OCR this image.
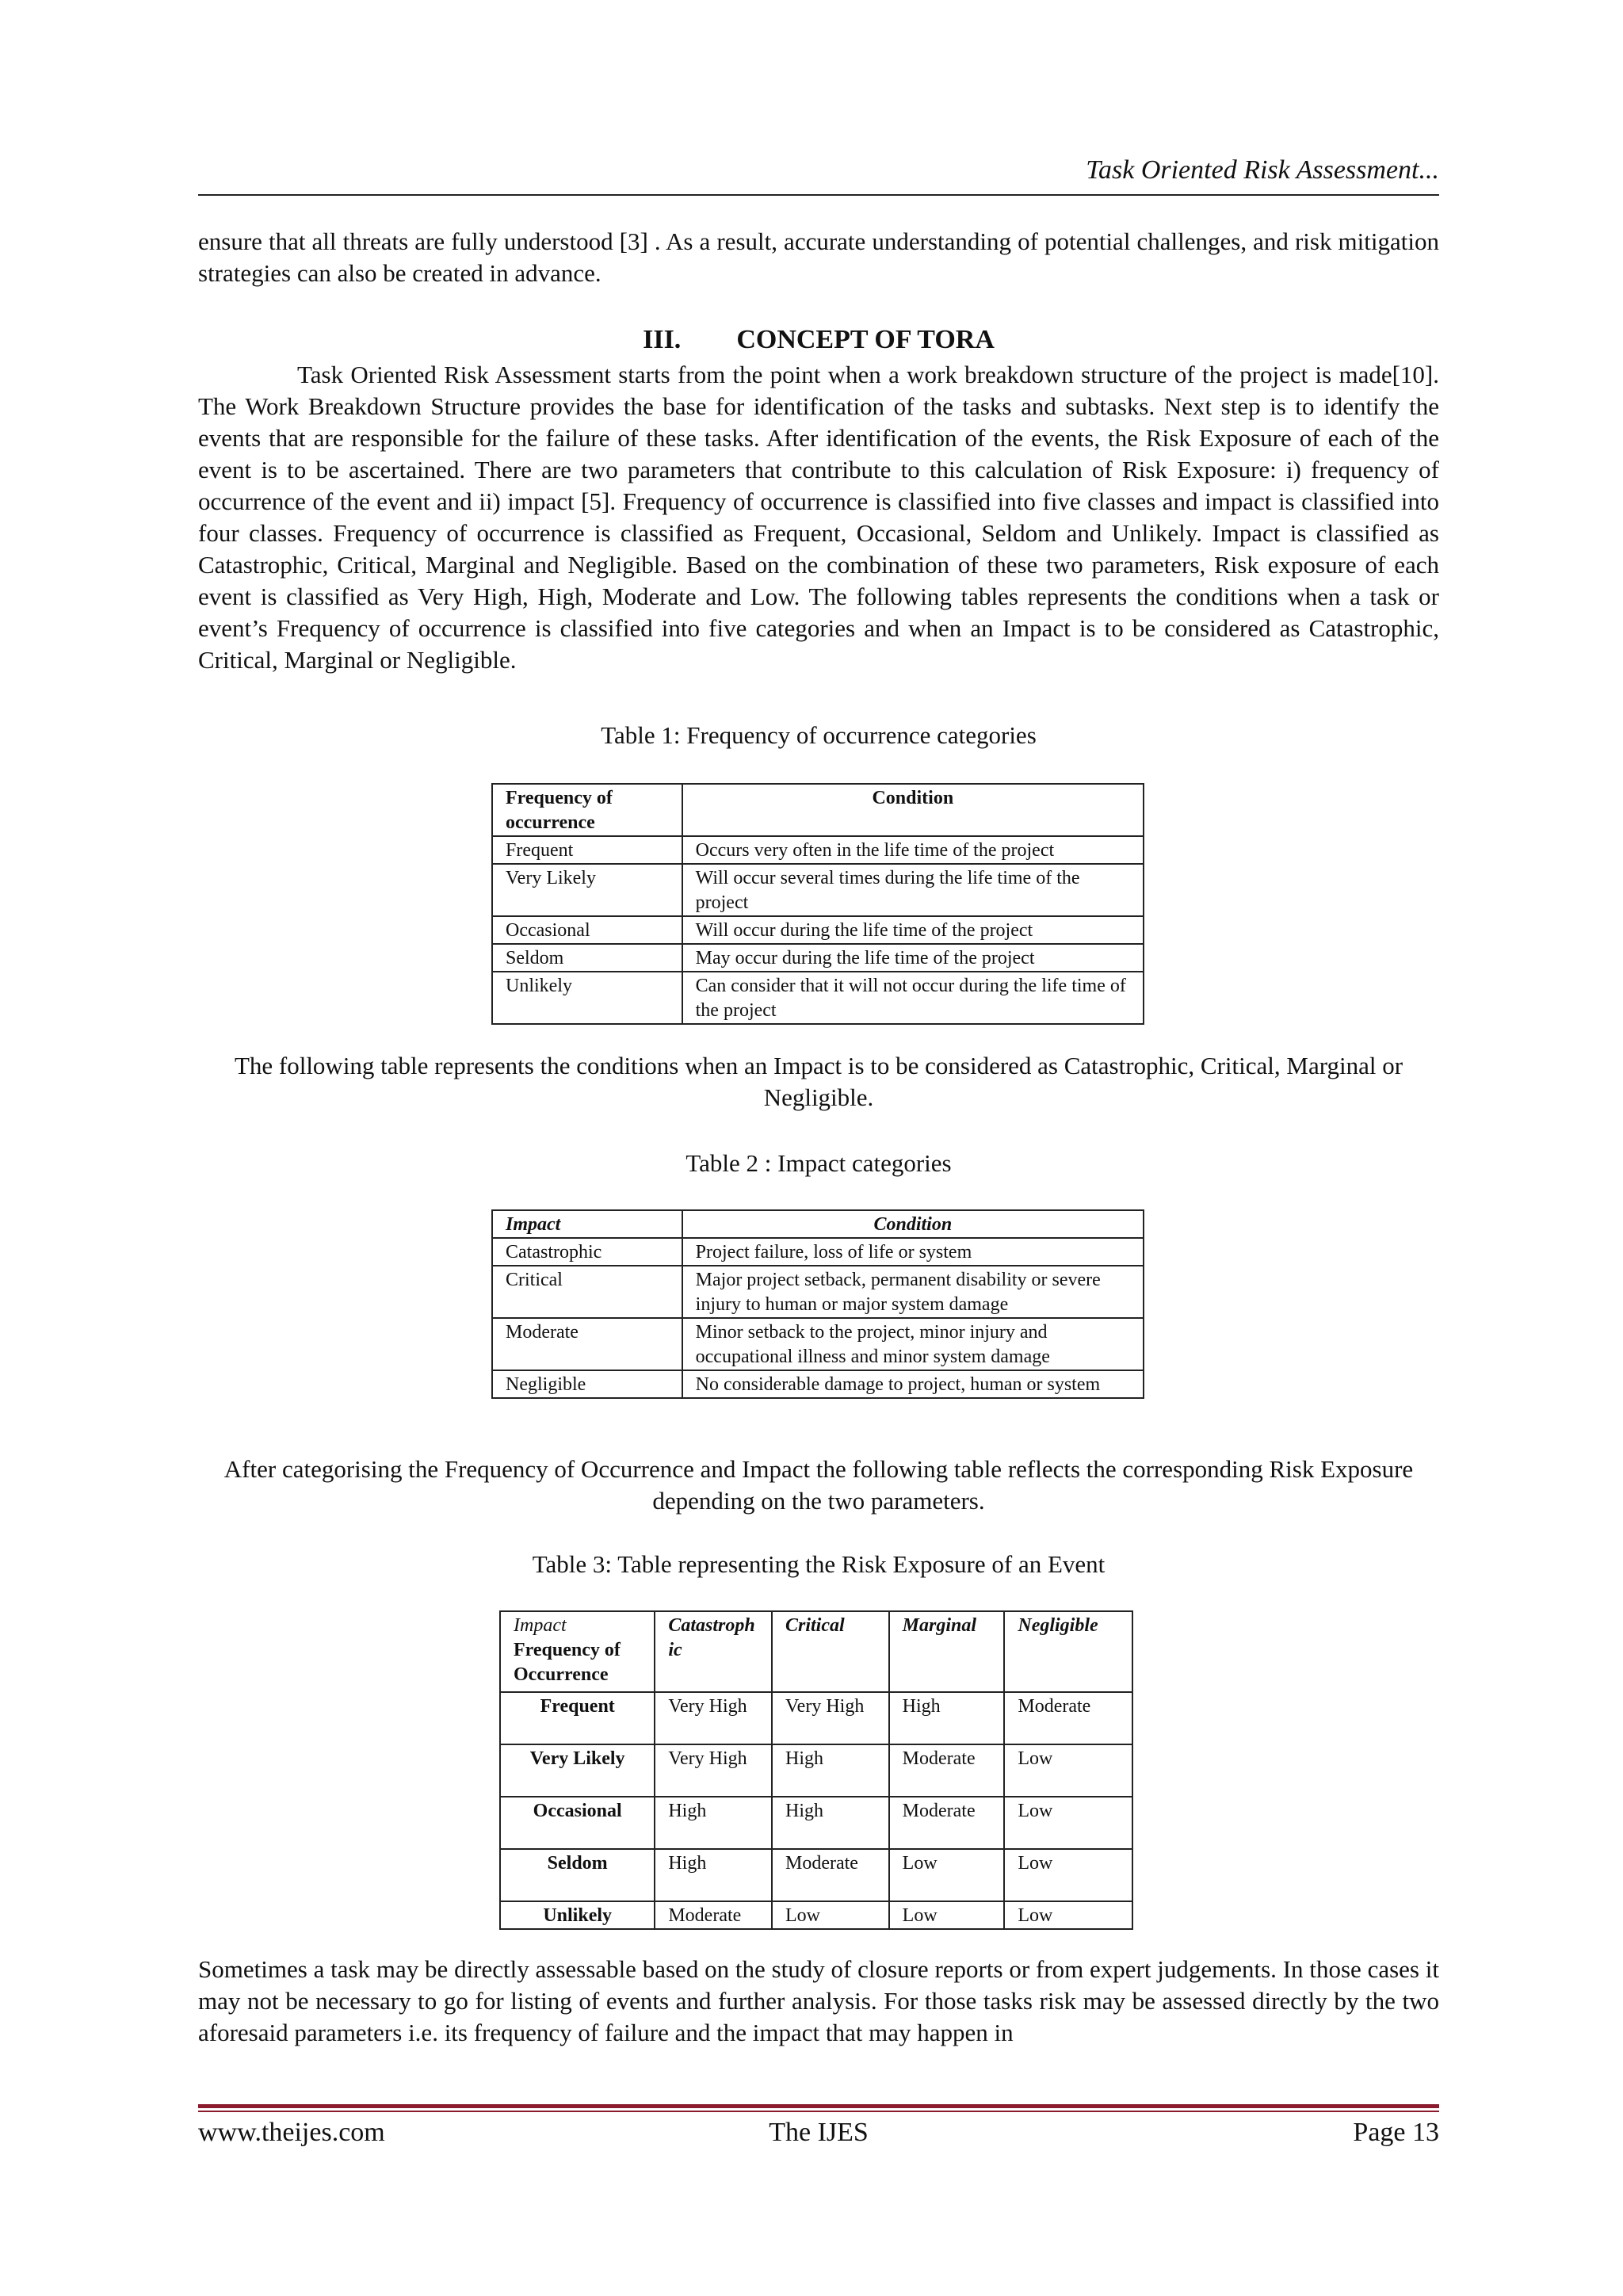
Task Oriented Risk Assessment...

ensure that all threats are fully understood [3] . As a result, accurate understanding of potential challenges, and risk mitigation strategies can also be created in advance.

III. CONCEPT OF TORA

Task Oriented Risk Assessment starts from the point when a work breakdown structure of the project is made[10]. The Work Breakdown Structure provides the base for identification of the tasks and subtasks. Next step is to identify the events that are responsible for the failure of these tasks. After identification of the events, the Risk Exposure of each of the event is to be ascertained. There are two parameters that contribute to this calculation of Risk Exposure: i) frequency of occurrence of the event and ii) impact [5]. Frequency of occurrence is classified into five classes and impact is classified into four classes. Frequency of occurrence is classified as Frequent, Occasional, Seldom and Unlikely. Impact is classified as Catastrophic, Critical, Marginal and Negligible. Based on the combination of these two parameters, Risk exposure of each event is classified as Very High, High, Moderate and Low. The following tables represents the conditions when a task or event’s Frequency of occurrence is classified into five categories and when an Impact is to be considered as Catastrophic, Critical, Marginal or Negligible.

Table 1: Frequency of occurrence categories

Frequency of occurrence	Condition
Frequent	Occurs very often in the life time of the project
Very Likely	Will occur several times during the life time of the project
Occasional	Will occur during the life time of the project
Seldom	May occur during the life time of the project
Unlikely	Can consider that it will not occur during the life time of the project

The following table represents the conditions when an Impact is to be considered as Catastrophic, Critical, Marginal or Negligible.

Table 2 : Impact categories

Impact	Condition
Catastrophic	Project failure, loss of life or system
Critical	Major project setback, permanent disability or severe injury to human or major system damage
Moderate	Minor setback to the project, minor injury and occupational illness and minor system damage
Negligible	No considerable damage to project, human or system

After categorising the Frequency of Occurrence and Impact the following table reflects the corresponding Risk Exposure depending on the two parameters.

Table 3: Table representing the Risk Exposure of an Event

Impact
Frequency of Occurrence	Catastrophic	Critical	Marginal	Negligible
Frequent	Very High	Very High	High	Moderate
Very Likely	Very High	High	Moderate	Low
Occasional	High	High	Moderate	Low
Seldom	High	Moderate	Low	Low
Unlikely	Moderate	Low	Low	Low

Sometimes a task may be directly assessable based on the study of closure reports or from expert judgements. In those cases it may not be necessary to go for listing of events and further analysis. For those tasks risk may be assessed directly by the two aforesaid parameters i.e. its frequency of failure and the impact that may happen in

www.theijes.com	The IJES	Page 13
